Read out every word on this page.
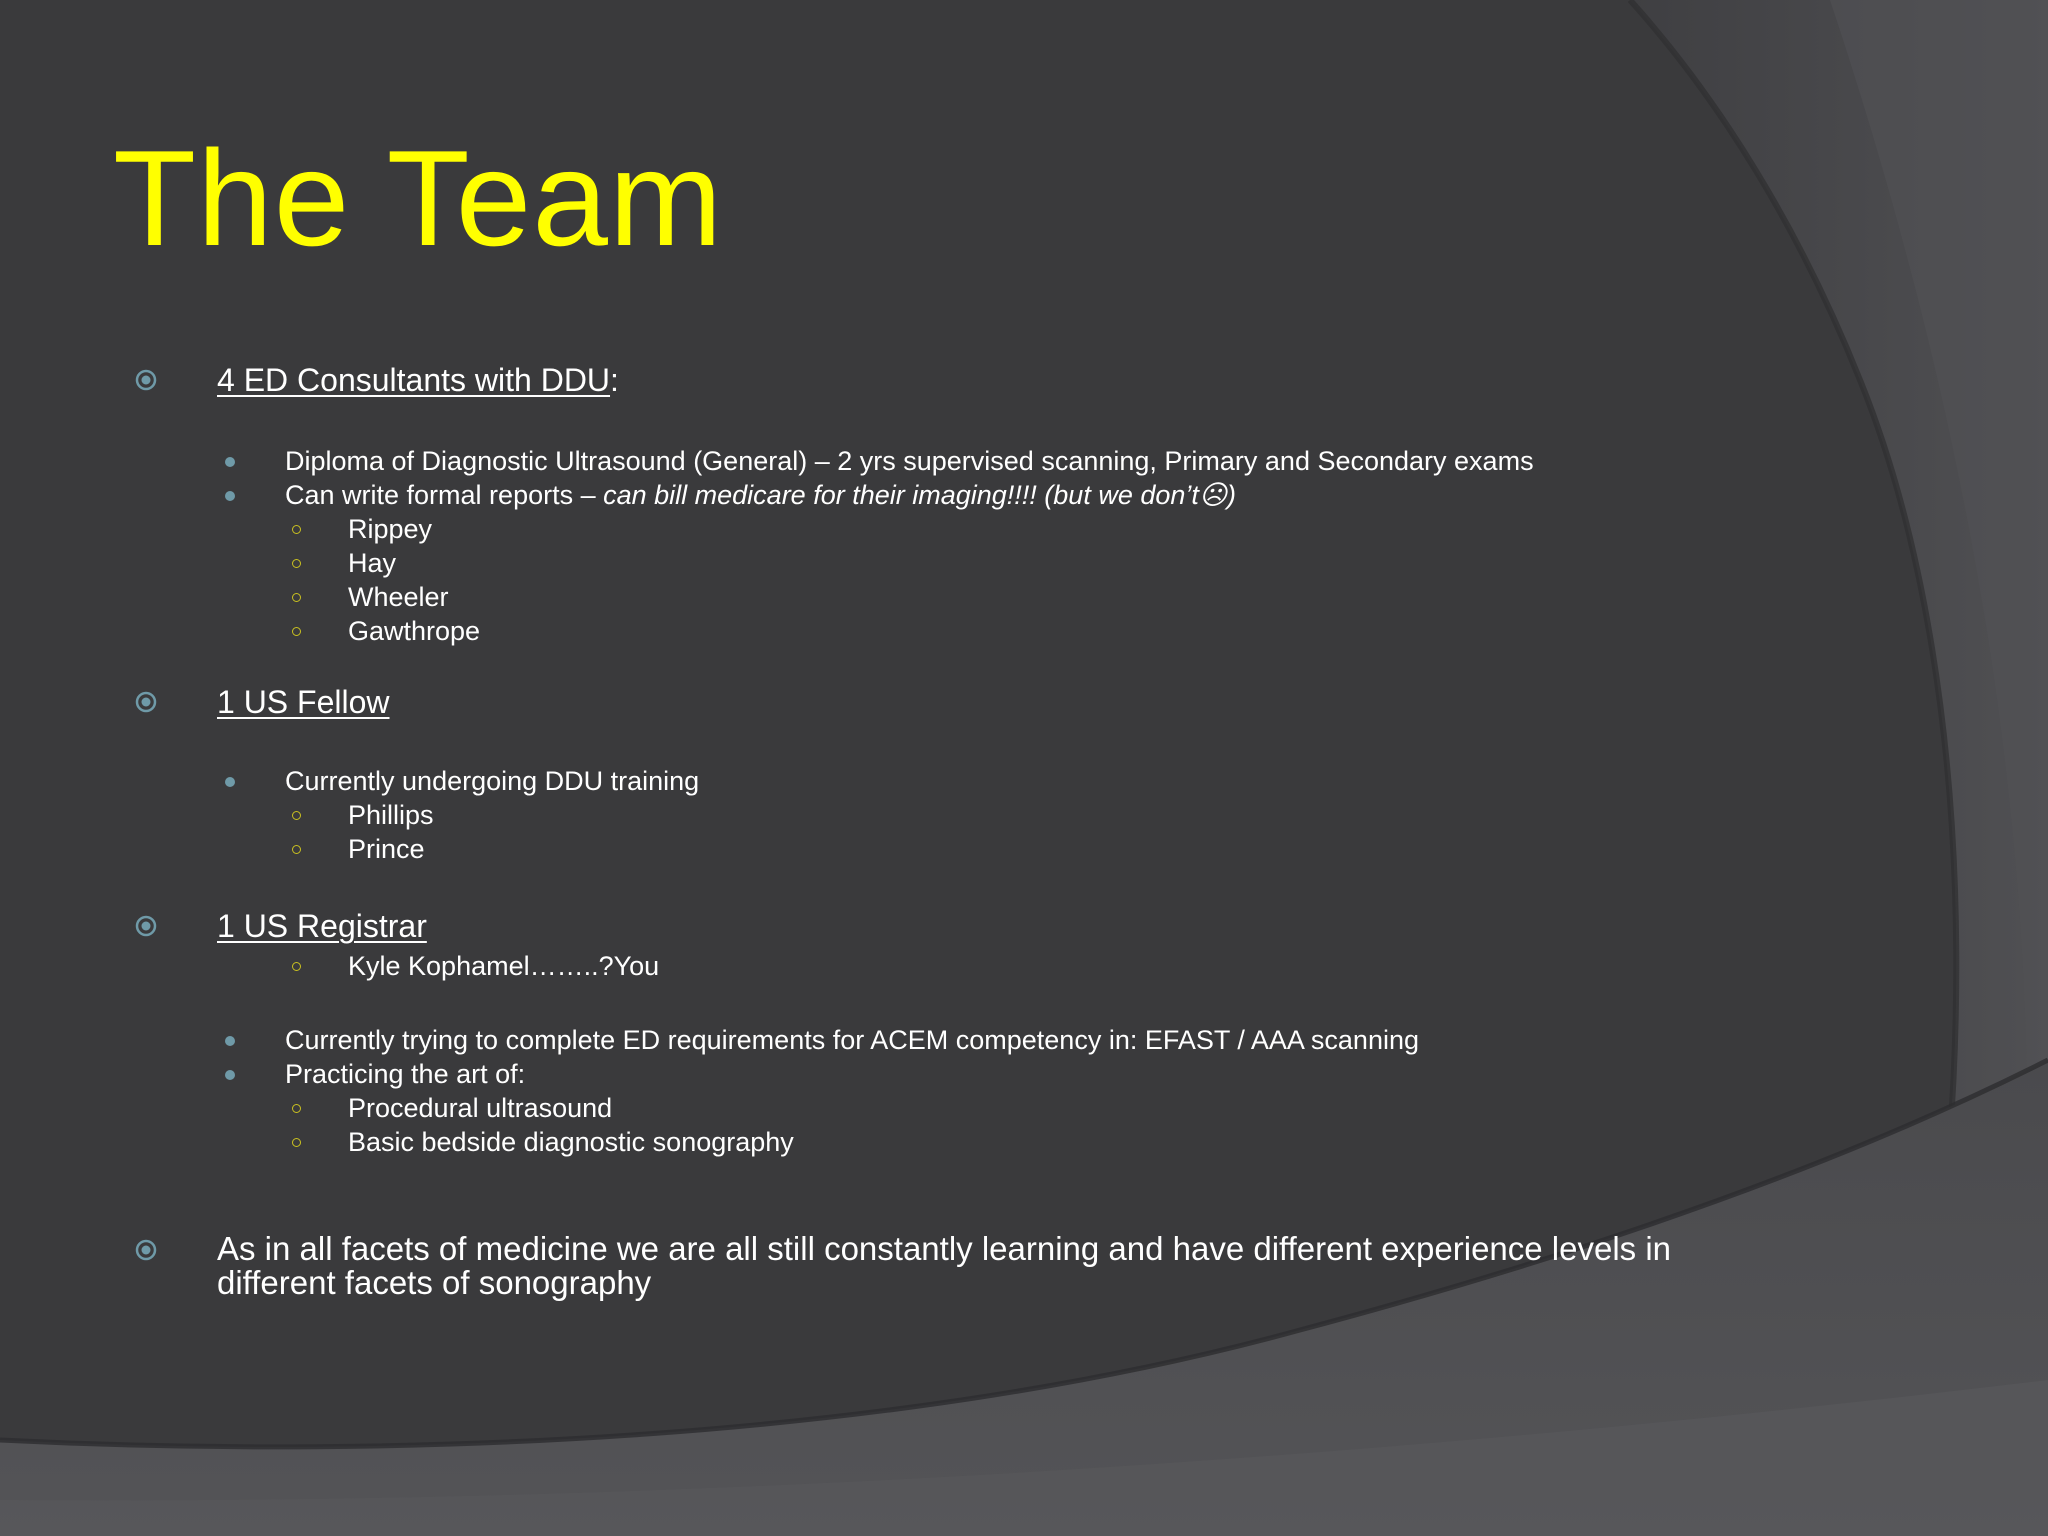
The Team
4 ED Consultants with DDU:
Diploma of Diagnostic Ultrasound (General) – 2 yrs supervised scanning, Primary and Secondary exams
Can write formal reports – can bill medicare for their imaging!!!! (but we don’t☹)
Rippey
Hay
Wheeler
Gawthrope
1 US Fellow
Currently undergoing DDU training
Phillips
Prince
1 US Registrar
Kyle Kophamel……..?You
Currently trying to complete ED requirements for ACEM competency in: EFAST / AAA scanning
Practicing the art of:
Procedural ultrasound
Basic bedside diagnostic sonography
As in all facets of medicine we are all still constantly learning and have different experience levels in different facets of sonography
